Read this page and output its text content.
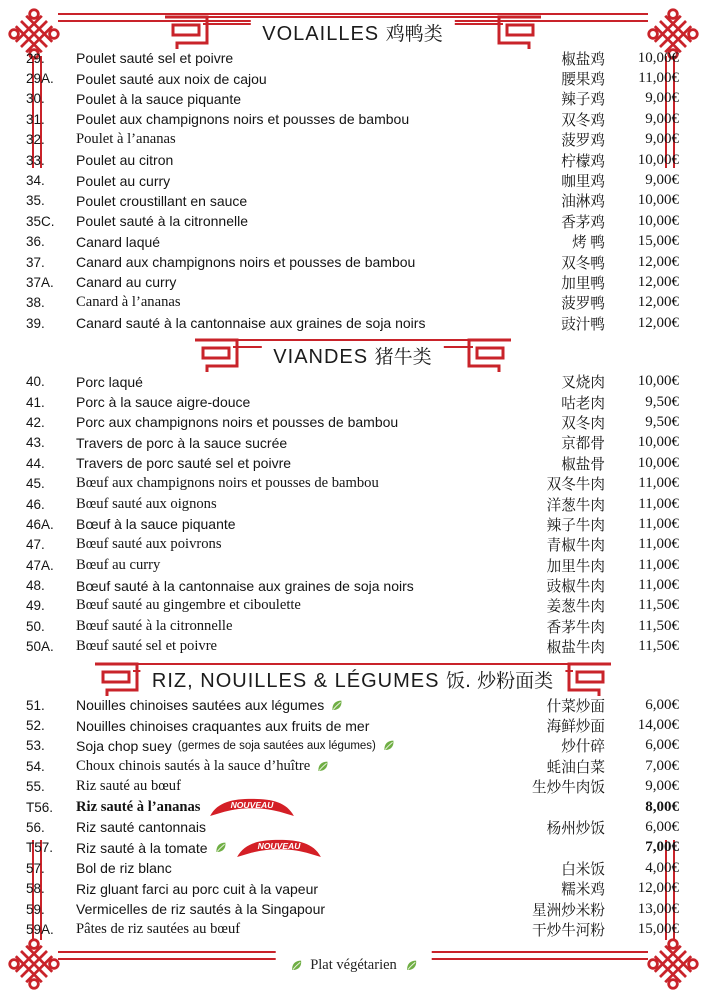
VOLAILLES 鸡鸭类
29.	Poulet sauté sel et poivre	椒盐鸡	10,00€
29A.	Poulet sauté aux noix de cajou	腰果鸡	11,00€
30.	Poulet à la sauce piquante	辣子鸡	9,00€
31.	Poulet aux champignons noirs et pousses de bambou	双冬鸡	9,00€
32.	Poulet à l’ananas	菠罗鸡	9,00€
33.	Poulet au citron	柠檬鸡	10,00€
34.	Poulet au curry	咖里鸡	9,00€
35.	Poulet croustillant en sauce	油淋鸡	10,00€
35C.	Poulet sauté à la citronnelle	香茅鸡	10,00€
36.	Canard laqué	烤 鸭	15,00€
37.	Canard aux champignons noirs et pousses de bambou	双冬鸭	12,00€
37A.	Canard au curry	加里鸭	12,00€
38.	Canard à l’ananas	菠罗鸭	12,00€
39.	Canard sauté à la cantonnaise aux graines de soja noirs	豉汁鸭	12,00€
VIANDES 猪牛类
40.	Porc laqué	叉烧肉	10,00€
41.	Porc à la sauce aigre-douce	咕老肉	9,50€
42.	Porc aux champignons noirs et pousses de bambou	双冬肉	9,50€
43.	Travers de porc à la sauce sucrée	京都骨	10,00€
44.	Travers de porc sauté sel et poivre	椒盐骨	10,00€
45.	Bœuf aux champignons noirs et pousses de bambou	双冬牛肉	11,00€
46.	Bœuf sauté aux oignons	洋葱牛肉	11,00€
46A.	Bœuf à la sauce piquante	辣子牛肉	11,00€
47.	Bœuf sauté aux poivrons	青椒牛肉	11,00€
47A.	Bœuf au curry	加里牛肉	11,00€
48.	Bœuf sauté à la cantonnaise aux graines de soja noirs	豉椒牛肉	11,00€
49.	Bœuf sauté au gingembre et ciboulette	姜葱牛肉	11,50€
50.	Bœuf sauté à la citronnelle	香茅牛肉	11,50€
50A.	Bœuf sauté sel et poivre	椒盐牛肉	11,50€
RIZ, NOUILLES & LÉGUMES 饭. 炒粉面类
51.	Nouilles chinoises sautées aux légumes	什菜炒面	6,00€
52.	Nouilles chinoises craquantes aux fruits de mer	海鲜炒面	14,00€
53.	Soja chop suey (germes de soja sautées aux légumes)	炒什碎	6,00€
54.	Choux chinois sautés à la sauce d’huître	蚝油白菜	7,00€
55.	Riz sauté au bœuf	生炒牛肉饭	9,00€
T56.	Riz sauté à l’ananas	NOUVEAU	8,00€
56.	Riz sauté cantonnais	杨州炒饭	6,00€
T57.	Riz sauté à la tomate	NOUVEAU	7,00€
57.	Bol de riz blanc	白米饭	4,00€
58.	Riz gluant farci au porc cuit à la vapeur	糯米鸡	12,00€
59.	Vermicelles de riz sautés à la Singapour	星洲炒米粉	13,00€
59A.	Pâtes de riz sautées au bœuf	干炒牛河粉	15,00€
Plat végétarien
